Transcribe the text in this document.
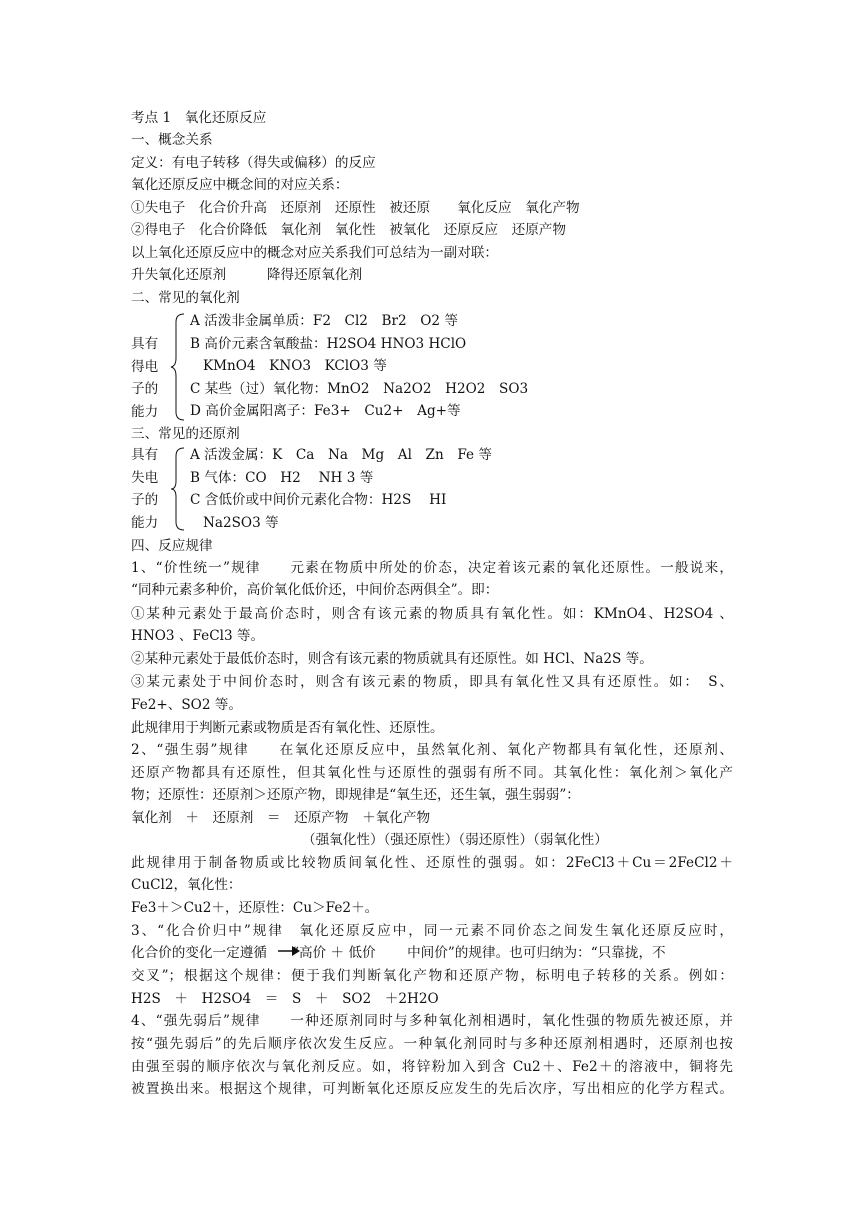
考点 1　氧化还原反应

一、概念关系

定义：有电子转移（得失或偏移）的反应

氧化还原反应中概念间的对应关系：

①失电子　化合价升高　还原剂　还原性　被还原　　氧化反应　氧化产物

②得电子　化合价降低　氧化剂　氧化性　被氧化　还原反应　还原产物

以上氧化还原反应中的概念对应关系我们可总结为一副对联：

升失氧化还原剂　　　降得还原氧化剂

二、常见的氧化剂

具有
得电
子的
能力
A 活泼非金属单质：F2　Cl2　Br2　O2 等
B 高价元素含氧酸盐：H2SO4 HNO3 HClO
KMnO4　KNO3　KClO3 等
C 某些（过）氧化物：MnO2　Na2O2　H2O2　SO3
D 高价金属阳离子：Fe3+　Cu2+　Ag+等

三、常见的还原剂

具有
失电
子的
能力
A 活泼金属：K　Ca　Na　Mg　Al　Zn　Fe 等
B 气体：CO　H2　 NH 3 等
C 含低价或中间价元素化合物：H2S　 HI
Na2SO3 等

四、反应规律

1、“价性统一”规律　　元素在物质中所处的价态，决定着该元素的氧化还原性。一般说来，

“同种元素多种价，高价氧化低价还，中间价态两俱全”。即：

①某种元素处于最高价态时，则含有该元素的物质具有氧化性。如：KMnO4、H2SO4 、

HNO3 、FeCl3 等。

②某种元素处于最低价态时，则含有该元素的物质就具有还原性。如 HCl、Na2S 等。

③某元素处于中间价态时，则含有该元素的物质，即具有氧化性又具有还原性。如：　S、

Fe2+、SO2 等。

此规律用于判断元素或物质是否有氧化性、还原性。

2、“强生弱”规律　　在氧化还原反应中，虽然氧化剂、氧化产物都具有氧化性，还原剂、

还原产物都具有还原性，但其氧化性与还原性的强弱有所不同。其氧化性：氧化剂＞氧化产

物；还原性：还原剂＞还原产物，即规律是“氧生还，还生氧，强生弱弱”：

氧化剂　＋　还原剂　＝　还原产物　＋氧化产物

（强氧化性）（强还原性）（弱还原性）（弱氧化性）

此规律用于制备物质或比较物质间氧化性、还原性的强弱。如：2FeCl3＋Cu＝2FeCl2＋

CuCl2，氧化性：

Fe3＋＞Cu2＋，还原性：Cu＞Fe2＋。

3、“化合价归中”规律　氧化还原反应中，同一元素不同价态之间发生氧化还原反应时，

化合价的变化一定遵循 “高价 ＋ 低价　　 中间价”的规律。也可归纳为：“只靠拢，不

交叉”；根据这个规律：便于我们判断氧化产物和还原产物，标明电子转移的关系。例如：

H2S　＋　H2SO4　＝　S　＋　SO2　＋2H2O

4、“强先弱后”规律　　一种还原剂同时与多种氧化剂相遇时，氧化性强的物质先被还原，并

按“强先弱后”的先后顺序依次发生反应。一种氧化剂同时与多种还原剂相遇时，还原剂也按

由强至弱的顺序依次与氧化剂反应。如，将锌粉加入到含 Cu2＋、Fe2＋的溶液中，铜将先

被置换出来。根据这个规律，可判断氧化还原反应发生的先后次序，写出相应的化学方程式。
